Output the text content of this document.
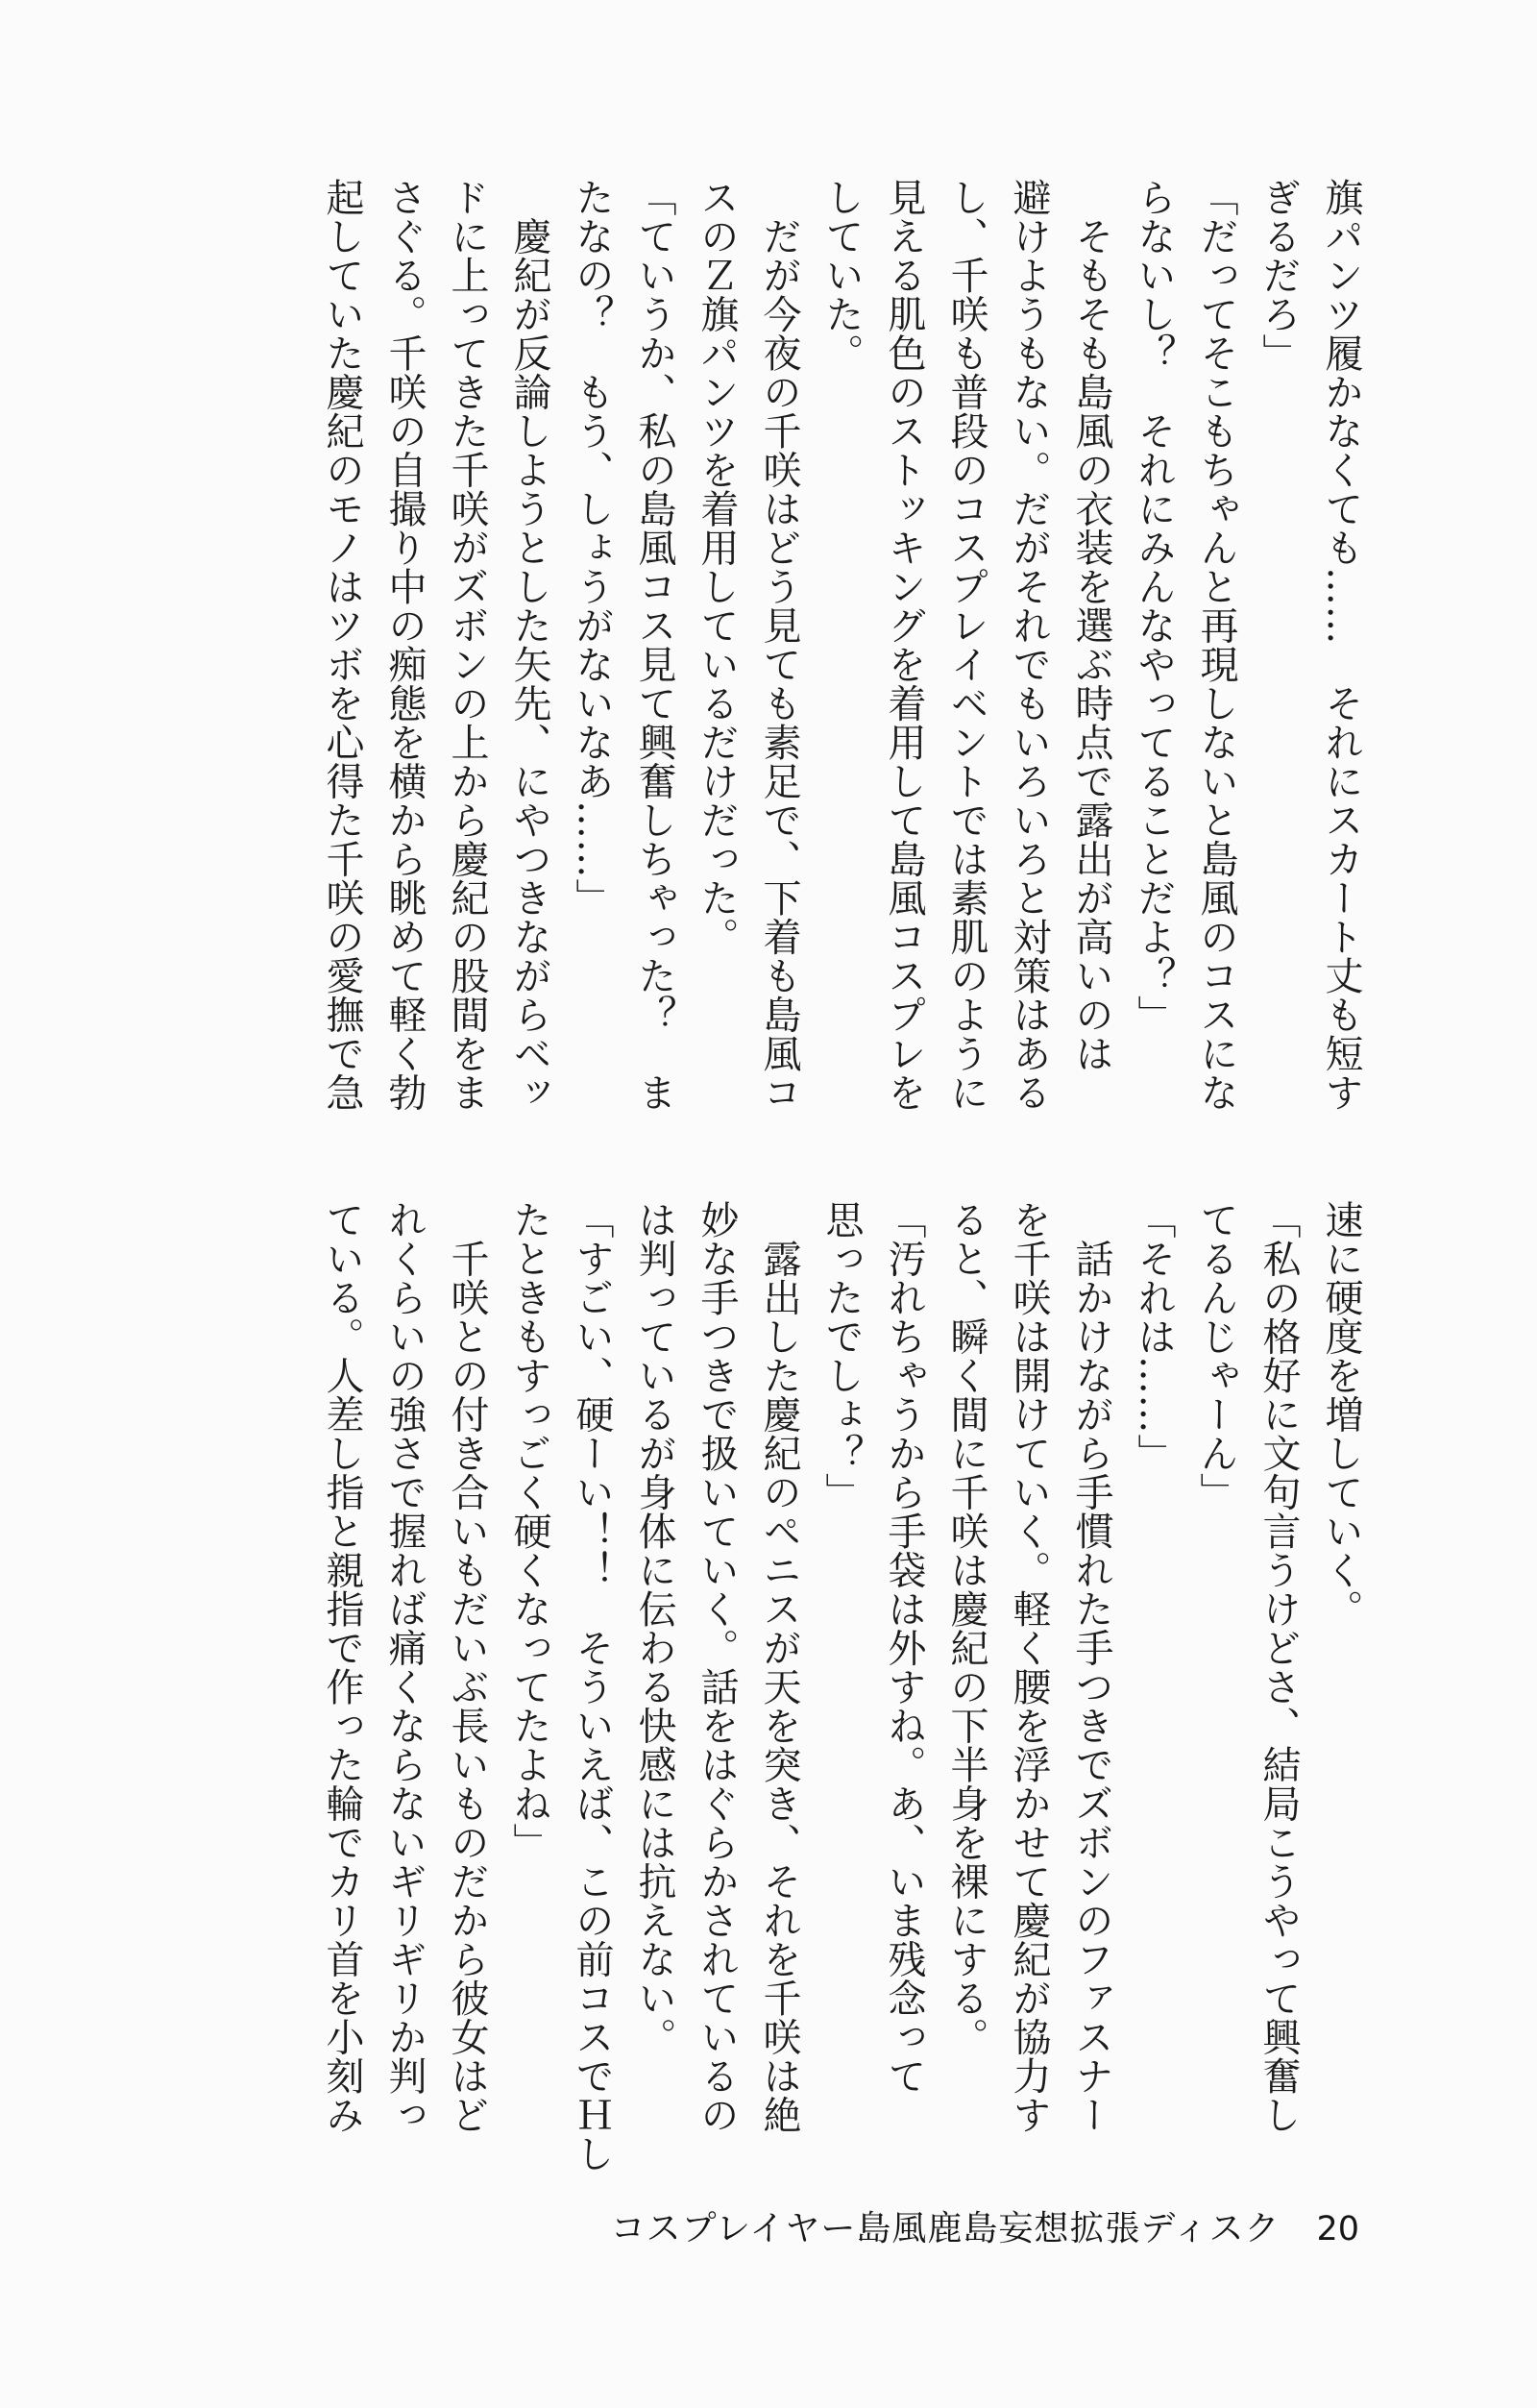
旗パンツ履かなくても……　それにスカート丈も短す
ぎるだろ」
「だってそこもちゃんと再現しないと島風のコスにな
らないし？　それにみんなやってることだよ？」
　そもそも島風の衣装を選ぶ時点で露出が高いのは
避けようもない。だがそれでもいろいろと対策はある
し、千咲も普段のコスプレイベントでは素肌のように
見える肌色のストッキングを着用して島風コスプレを
していた。
　だが今夜の千咲はどう見ても素足で、下着も島風コ
スのＺ旗パンツを着用しているだけだった。
「ていうか、私の島風コス見て興奮しちゃった？　ま
たなの？　もう、しょうがないなあ……」
　慶紀が反論しようとした矢先、にやつきながらベッ
ドに上ってきた千咲がズボンの上から慶紀の股間をま
さぐる。千咲の自撮り中の痴態を横から眺めて軽く勃
起していた慶紀のモノはツボを心得た千咲の愛撫で急
速に硬度を増していく。
「私の格好に文句言うけどさ、結局こうやって興奮し
てるんじゃーん」
「それは……」
　話かけながら手慣れた手つきでズボンのファスナー
を千咲は開けていく。軽く腰を浮かせて慶紀が協力す
ると、瞬く間に千咲は慶紀の下半身を裸にする。
「汚れちゃうから手袋は外すね。あ、いま残念って
思ったでしょ？」
　露出した慶紀のペニスが天を突き、それを千咲は絶
妙な手つきで扱いていく。話をはぐらかされているの
は判っているが身体に伝わる快感には抗えない。
「すごい、硬ーい！！　そういえば、この前コスでＨし
たときもすっごく硬くなってたよね」
　千咲との付き合いもだいぶ長いものだから彼女はど
れくらいの強さで握れば痛くならないギリギリか判っ
ている。人差し指と親指で作った輪でカリ首を小刻み
コスプレイヤー島風鹿島妄想拡張ディスク 20
